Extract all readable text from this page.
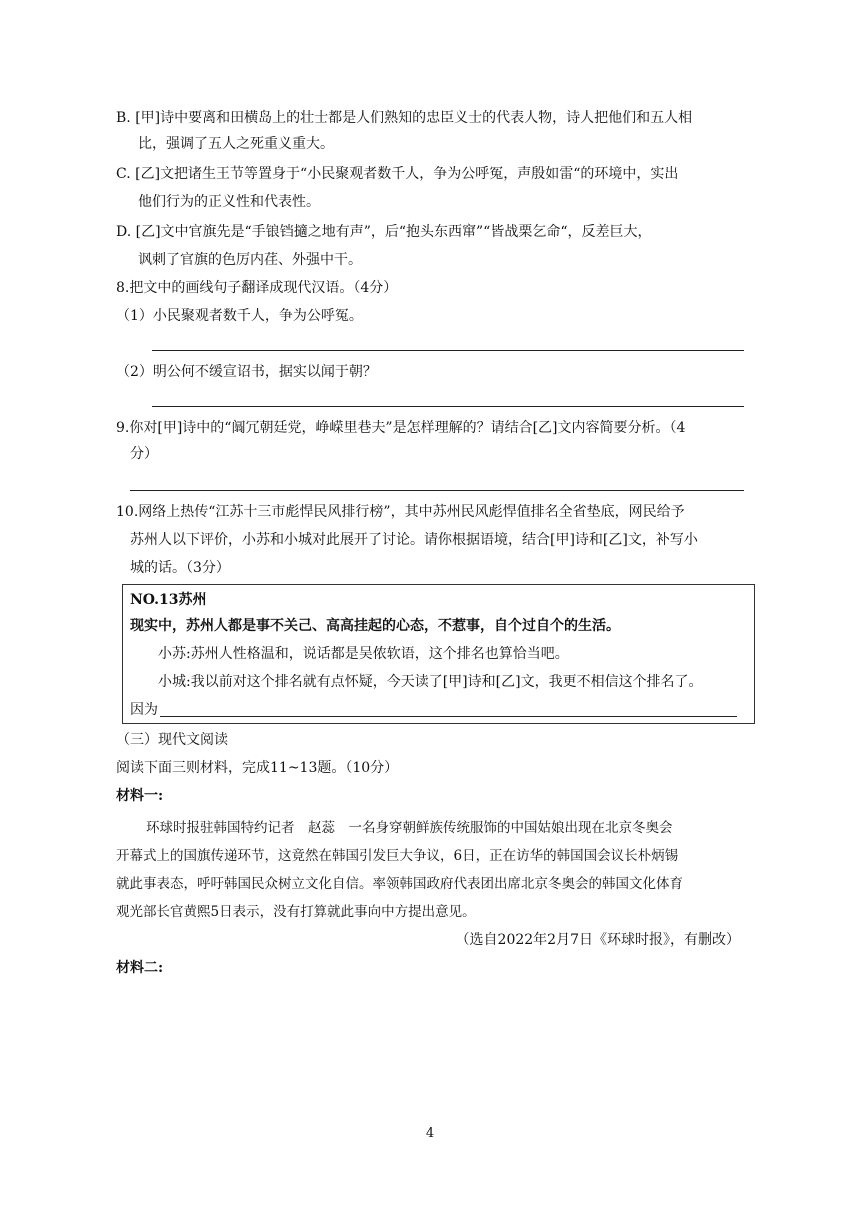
B. [甲]诗中要离和田横岛上的壮士都是人们熟知的忠臣义士的代表人物，诗人把他们和五人相
比，强调了五人之死重义重大。
C. [乙]文把诸生王节等置身于“小民聚观者数千人，争为公呼冤，声殷如雷“的环境中，实出
他们行为的正义性和代表性。
D. [乙]文中官旗先是“手锒铛擿之地有声”，后“抱头东西窜”“皆战栗乞命“，反差巨大，
讽刺了官旗的色厉内荏、外强中干。
8.把文中的画线句子翻译成现代汉语。（4分）
（1）小民聚观者数千人，争为公呼冤。
（2）明公何不缓宣诏书，据实以闻于朝？
9.你对[甲]诗中的“阘冗朝廷党，峥嵘里巷夫”是怎样理解的？请结合[乙]文内容简要分析。（4
分）
10.网络上热传“江苏十三市彪悍民风排行榜”，其中苏州民风彪悍值排名全省垫底，网民给予
苏州人以下评价，小苏和小城对此展开了讨论。请你根据语境，结合[甲]诗和[乙]文，补写小
城的话。（3分）
NO.13苏州
现实中，苏州人都是事不关己、高高挂起的心态，不惹事，自个过自个的生活。
小苏:苏州人性格温和，说话都是吴侬软语，这个排名也算恰当吧。
小城:我以前对这个排名就有点怀疑，今天读了[甲]诗和[乙]文，我更不相信这个排名了。
因为
（三）现代文阅读
阅读下面三则材料，完成11~13题。（10分）
材料一:
环球时报驻韩国特约记者　赵蕊　一名身穿朝鲜族传统服饰的中国姑娘出现在北京冬奥会
开幕式上的国旗传递环节，这竟然在韩国引发巨大争议，6日，正在访华的韩国国会议长朴炳锡
就此事表态，呼吁韩国民众树立文化自信。率领韩国政府代表团出席北京冬奥会的韩国文化体育
观光部长官黄熙5日表示，没有打算就此事向中方提出意见。
（选自2022年2月7日《环球时报》，有删改）
材料二:
4
